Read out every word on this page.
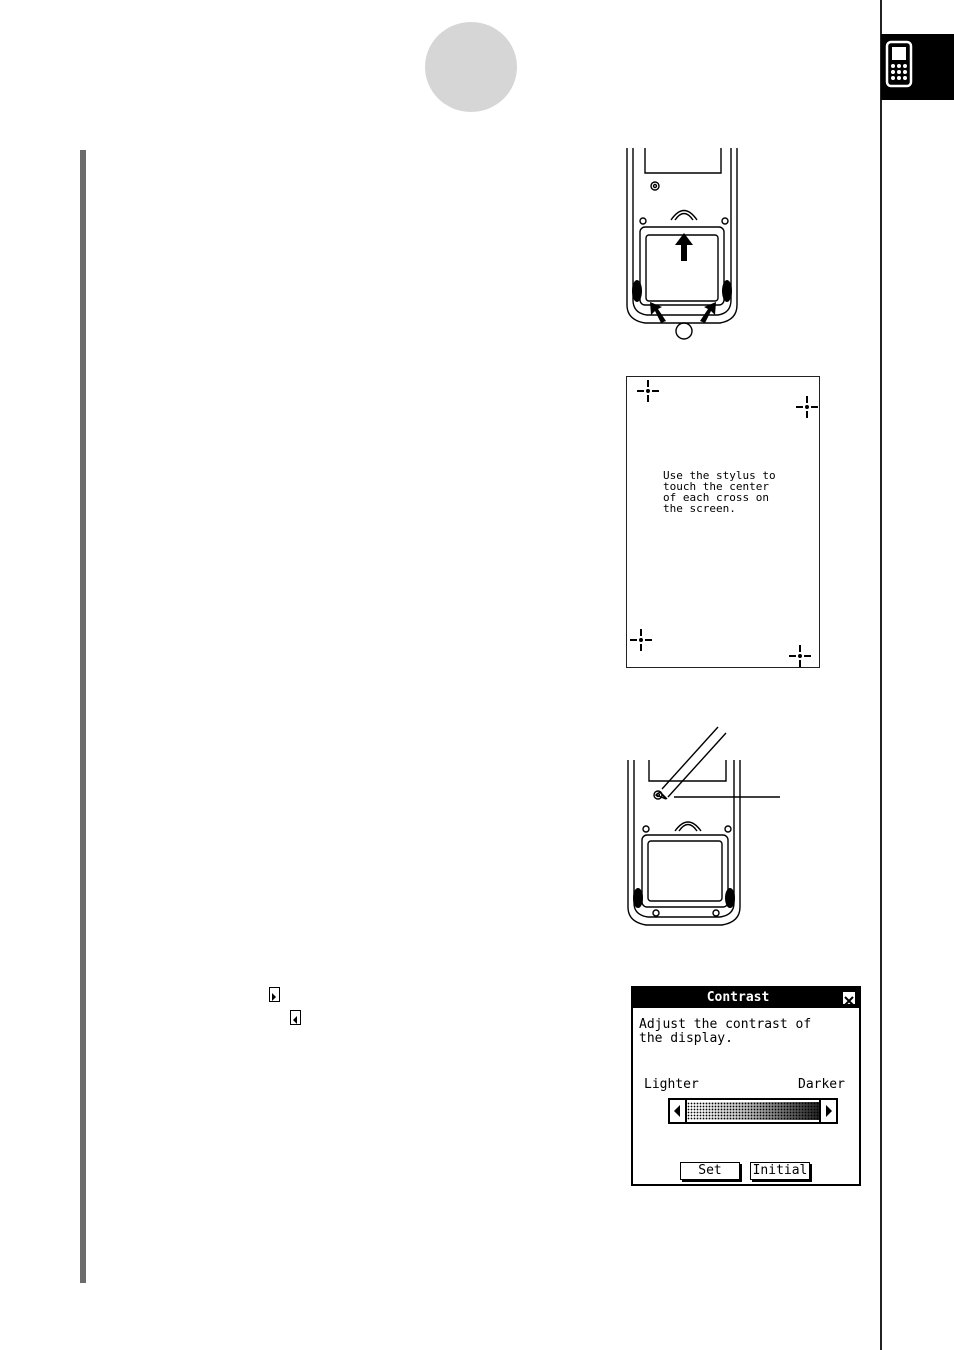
Use the stylus to
touch the center
of each cross on
the screen.
Contrast
Adjust the contrast of
the display.
Lighter	Darker
Set	Initial
